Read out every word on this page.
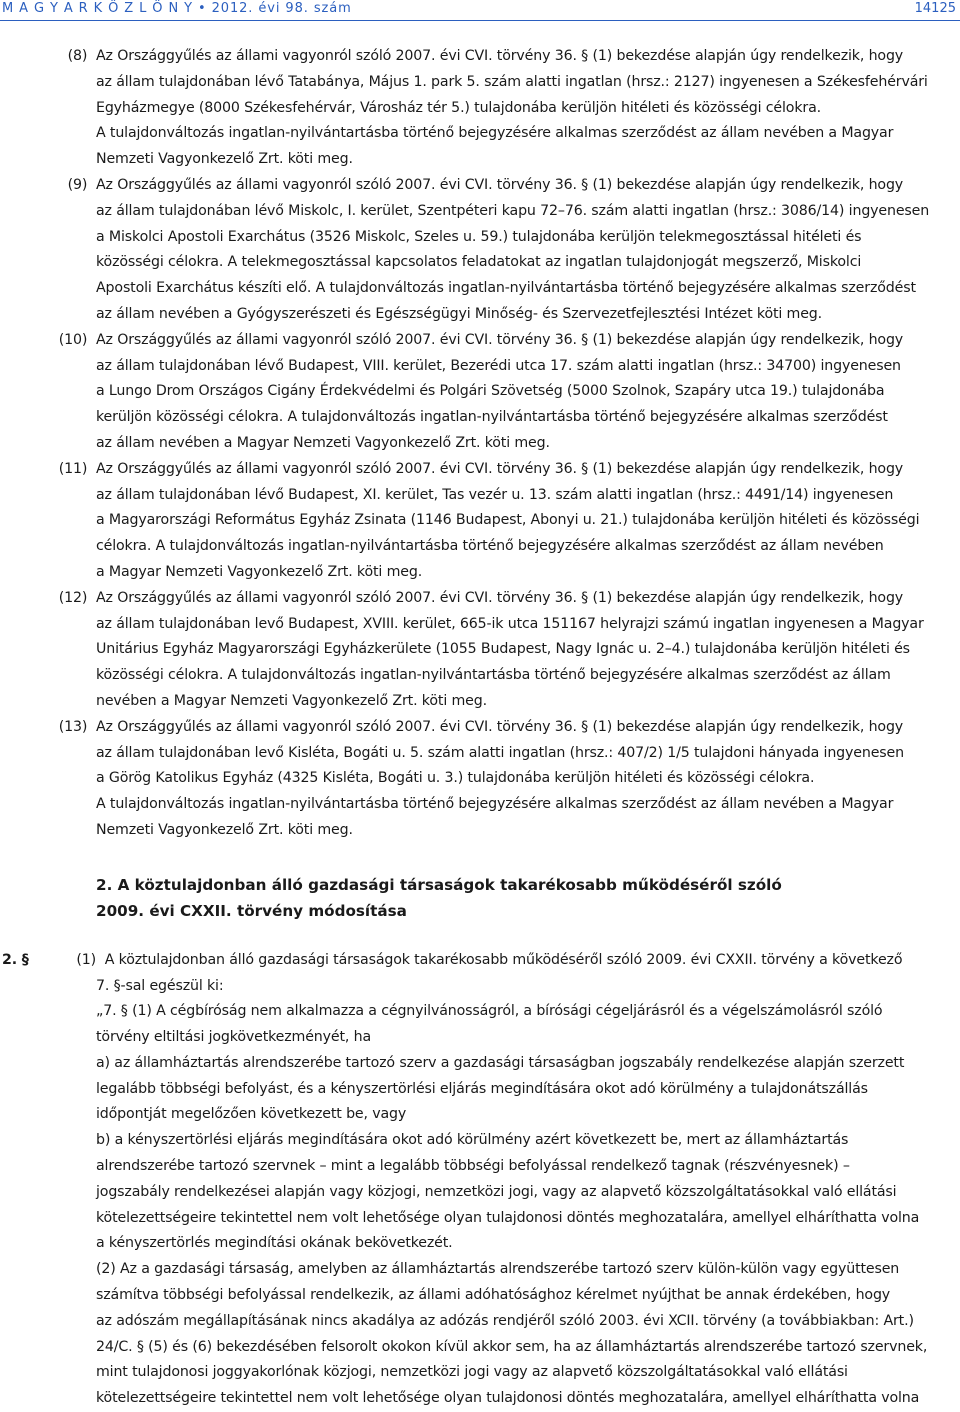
M A G Y A R K Ö Z L Ö N Y • 2012. évi 98. szám	14125
(8) Az Országgyűlés az állami vagyonról szóló 2007. évi CVI. törvény 36. § (1) bekezdése alapján úgy rendelkezik, hogy
az állam tulajdonában lévő Tatabánya, Május 1. park 5. szám alatti ingatlan (hrsz.: 2127) ingyenesen a Székesfehérvári
Egyházmegye (8000 Székesfehérvár, Városház tér 5.) tulajdonába kerüljön hitéleti és közösségi célokra.
A tulajdonváltozás ingatlan-nyilvántartásba történő bejegyzésére alkalmas szerződést az állam nevében a Magyar
Nemzeti Vagyonkezelő Zrt. köti meg.
(9) Az Országgyűlés az állami vagyonról szóló 2007. évi CVI. törvény 36. § (1) bekezdése alapján úgy rendelkezik, hogy
az állam tulajdonában lévő Miskolc, I. kerület, Szentpéteri kapu 72–76. szám alatti ingatlan (hrsz.: 3086/14) ingyenesen
a Miskolci Apostoli Exarchátus (3526 Miskolc, Szeles u. 59.) tulajdonába kerüljön telekmegosztással hitéleti és
közösségi célokra. A telekmegosztással kapcsolatos feladatokat az ingatlan tulajdonjogát megszerző, Miskolci
Apostoli Exarchátus készíti elő. A tulajdonváltozás ingatlan-nyilvántartásba történő bejegyzésére alkalmas szerződést
az állam nevében a Gyógyszerészeti és Egészségügyi Minőség- és Szervezetfejlesztési Intézet köti meg.
(10) Az Országgyűlés az állami vagyonról szóló 2007. évi CVI. törvény 36. § (1) bekezdése alapján úgy rendelkezik, hogy
az állam tulajdonában lévő Budapest, VIII. kerület, Bezerédi utca 17. szám alatti ingatlan (hrsz.: 34700) ingyenesen
a Lungo Drom Országos Cigány Érdekvédelmi és Polgári Szövetség (5000 Szolnok, Szapáry utca 19.) tulajdonába
kerüljön közösségi célokra. A tulajdonváltozás ingatlan-nyilvántartásba történő bejegyzésére alkalmas szerződést
az állam nevében a Magyar Nemzeti Vagyonkezelő Zrt. köti meg.
(11) Az Országgyűlés az állami vagyonról szóló 2007. évi CVI. törvény 36. § (1) bekezdése alapján úgy rendelkezik, hogy
az állam tulajdonában lévő Budapest, XI. kerület, Tas vezér u. 13. szám alatti ingatlan (hrsz.: 4491/14) ingyenesen
a Magyarországi Református Egyház Zsinata (1146 Budapest, Abonyi u. 21.) tulajdonába kerüljön hitéleti és közösségi
célokra. A tulajdonváltozás ingatlan-nyilvántartásba történő bejegyzésére alkalmas szerződést az állam nevében
a Magyar Nemzeti Vagyonkezelő Zrt. köti meg.
(12) Az Országgyűlés az állami vagyonról szóló 2007. évi CVI. törvény 36. § (1) bekezdése alapján úgy rendelkezik, hogy
az állam tulajdonában levő Budapest, XVIII. kerület, 665-ik utca 151167 helyrajzi számú ingatlan ingyenesen a Magyar
Unitárius Egyház Magyarországi Egyházkerülete (1055 Budapest, Nagy Ignác u. 2–4.) tulajdonába kerüljön hitéleti és
közösségi célokra. A tulajdonváltozás ingatlan-nyilvántartásba történő bejegyzésére alkalmas szerződést az állam
nevében a Magyar Nemzeti Vagyonkezelő Zrt. köti meg.
(13) Az Országgyűlés az állami vagyonról szóló 2007. évi CVI. törvény 36. § (1) bekezdése alapján úgy rendelkezik, hogy
az állam tulajdonában levő Kisléta, Bogáti u. 5. szám alatti ingatlan (hrsz.: 407/2) 1/5 tulajdoni hányada ingyenesen
a Görög Katolikus Egyház (4325 Kisléta, Bogáti u. 3.) tulajdonába kerüljön hitéleti és közösségi célokra.
A tulajdonváltozás ingatlan-nyilvántartásba történő bejegyzésére alkalmas szerződést az állam nevében a Magyar
Nemzeti Vagyonkezelő Zrt. köti meg.
2. A köztulajdonban álló gazdasági társaságok takarékosabb működéséről szóló
2009. évi CXXII. törvény módosítása
2. §	(1) A köztulajdonban álló gazdasági társaságok takarékosabb működéséről szóló 2009. évi CXXII. törvény a következő
7. §-sal egészül ki:
„7. § (1) A cégbíróság nem alkalmazza a cégnyilvánosságról, a bírósági cégeljárásról és a végelszámolásról szóló
törvény eltiltási jogkövetkezményét, ha
a) az államháztartás alrendszerébe tartozó szerv a gazdasági társaságban jogszabály rendelkezése alapján szerzett
legalább többségi befolyást, és a kényszertörlési eljárás megindítására okot adó körülmény a tulajdonátszállás
időpontját megelőzően következett be, vagy
b) a kényszertörlési eljárás megindítására okot adó körülmény azért következett be, mert az államháztartás
alrendszerébe tartozó szervnek – mint a legalább többségi befolyással rendelkező tagnak (részvényesnek) –
jogszabály rendelkezései alapján vagy közjogi, nemzetközi jogi, vagy az alapvető közszolgáltatásokkal való ellátási
kötelezettségeire tekintettel nem volt lehetősége olyan tulajdonosi döntés meghozatalára, amellyel elháríthatta volna
a kényszertörlés megindítási okának bekövetkezét.
(2) Az a gazdasági társaság, amelyben az államháztartás alrendszerébe tartozó szerv külön-külön vagy együttesen
számítva többségi befolyással rendelkezik, az állami adóhatósághoz kérelmet nyújthat be annak érdekében, hogy
az adószám megállapításának nincs akadálya az adózás rendjéről szóló 2003. évi XCII. törvény (a továbbiakban: Art.)
24/C. § (5) és (6) bekezdésében felsorolt okokon kívül akkor sem, ha az államháztartás alrendszerébe tartozó szervnek,
mint tulajdonosi joggyakorlónak közjogi, nemzetközi jogi vagy az alapvető közszolgáltatásokkal való ellátási
kötelezettségeire tekintettel nem volt lehetősége olyan tulajdonosi döntés meghozatalára, amellyel elháríthatta volna
